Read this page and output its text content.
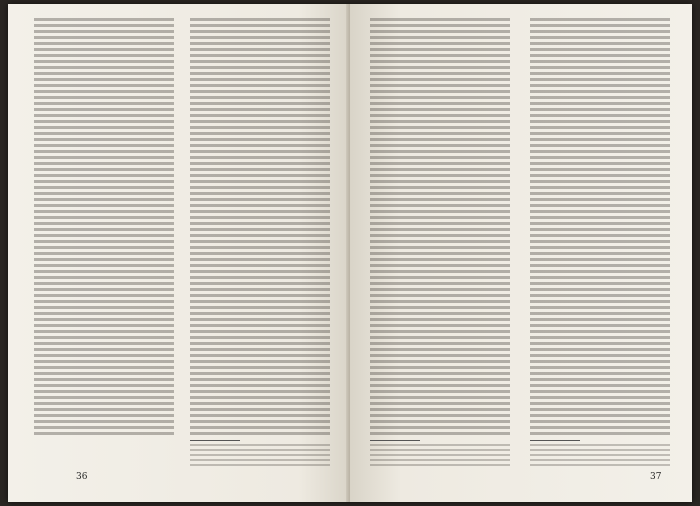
36	37
